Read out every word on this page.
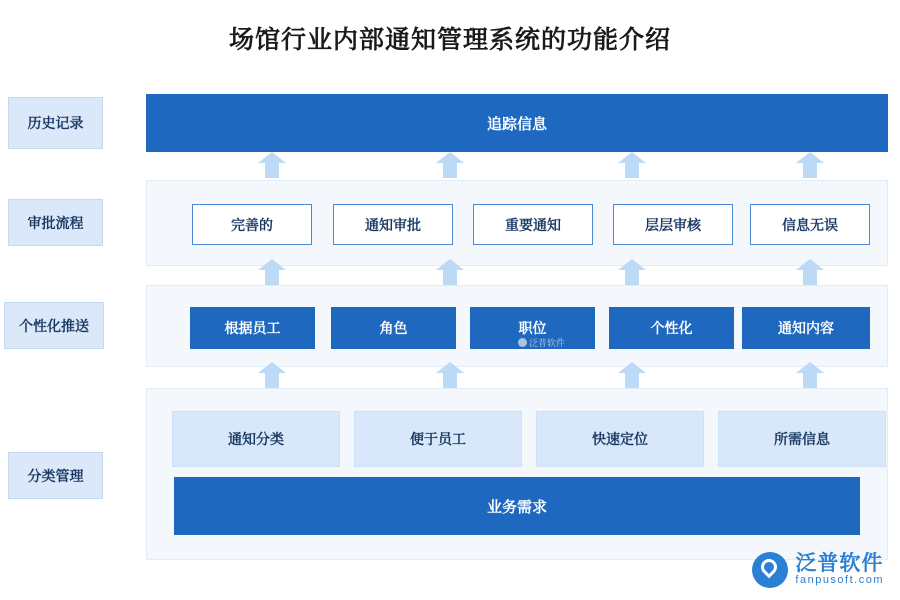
场馆行业内部通知管理系统的功能介绍
历史记录
审批流程
个性化推送
分类管理
追踪信息
完善的	通知审批	重要通知	层层审核	信息无误
根据员工	角色	职位	个性化	通知内容
泛普软件
通知分类	便于员工	快速定位	所需信息
业务需求
泛普软件
fanpusoft.com
